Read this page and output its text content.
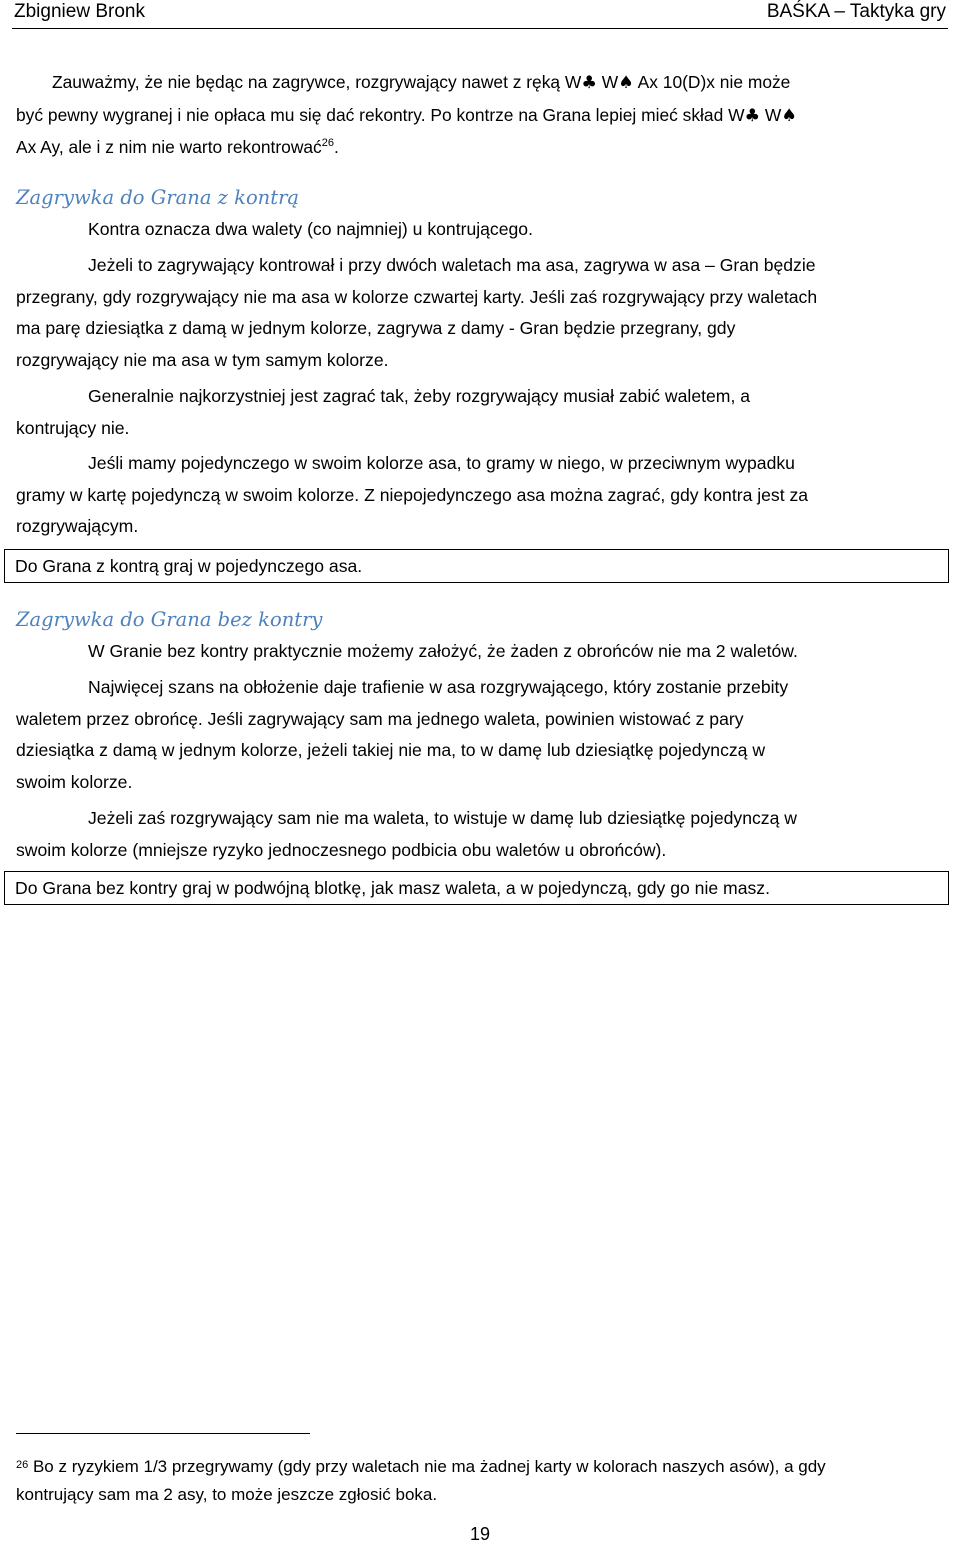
Zbigniew Bronk	BAŚKA – Taktyka gry
Zauważmy, że nie będąc na zagrywce, rozgrywający nawet z ręką W♣ W♠ Ax 10(D)x nie może
być pewny wygranej i nie opłaca mu się dać rekontry. Po kontrze na Grana lepiej mieć skład W♣ W♠
Ax Ay, ale i z nim nie warto rekontrować$^{26}$.
Zagrywka do Grana z kontrą
Kontra oznacza dwa walety (co najmniej) u kontrującego.
Jeżeli to zagrywający kontrował i przy dwóch waletach ma asa, zagrywa w asa – Gran będzie
przegrany, gdy rozgrywający nie ma asa w kolorze czwartej karty. Jeśli zaś rozgrywający przy waletach
ma parę dziesiątka z damą w jednym kolorze, zagrywa z damy - Gran będzie przegrany, gdy
rozgrywający nie ma asa w tym samym kolorze.
Generalnie najkorzystniej jest zagrać tak, żeby rozgrywający musiał zabić waletem, a
kontrujący nie.
Jeśli mamy pojedynczego w swoim kolorze asa, to gramy w niego, w przeciwnym wypadku
gramy w kartę pojedynczą w swoim kolorze. Z niepojedynczego asa można zagrać, gdy kontra jest za
rozgrywającym.
Do Grana z kontrą graj w pojedynczego asa.
Zagrywka do Grana bez kontry
W Granie bez kontry praktycznie możemy założyć, że żaden z obrońców nie ma 2 waletów.
Najwięcej szans na obłożenie daje trafienie w asa rozgrywającego, który zostanie przebity
waletem przez obrońcę. Jeśli zagrywający sam ma jednego waleta, powinien wistować z pary
dziesiątka z damą w jednym kolorze, jeżeli takiej nie ma, to w damę lub dziesiątkę pojedynczą w
swoim kolorze.
Jeżeli zaś rozgrywający sam nie ma waleta, to wistuje w damę lub dziesiątkę pojedynczą w
swoim kolorze (mniejsze ryzyko jednoczesnego podbicia obu waletów u obrońców).
Do Grana bez kontry graj w podwójną blotkę, jak masz waleta, a w pojedynczą, gdy go nie masz.
$^{26}$ Bo z ryzykiem 1/3 przegrywamy (gdy przy waletach nie ma żadnej karty w kolorach naszych asów), a gdy
kontrujący sam ma 2 asy, to może jeszcze zgłosić boka.
19
